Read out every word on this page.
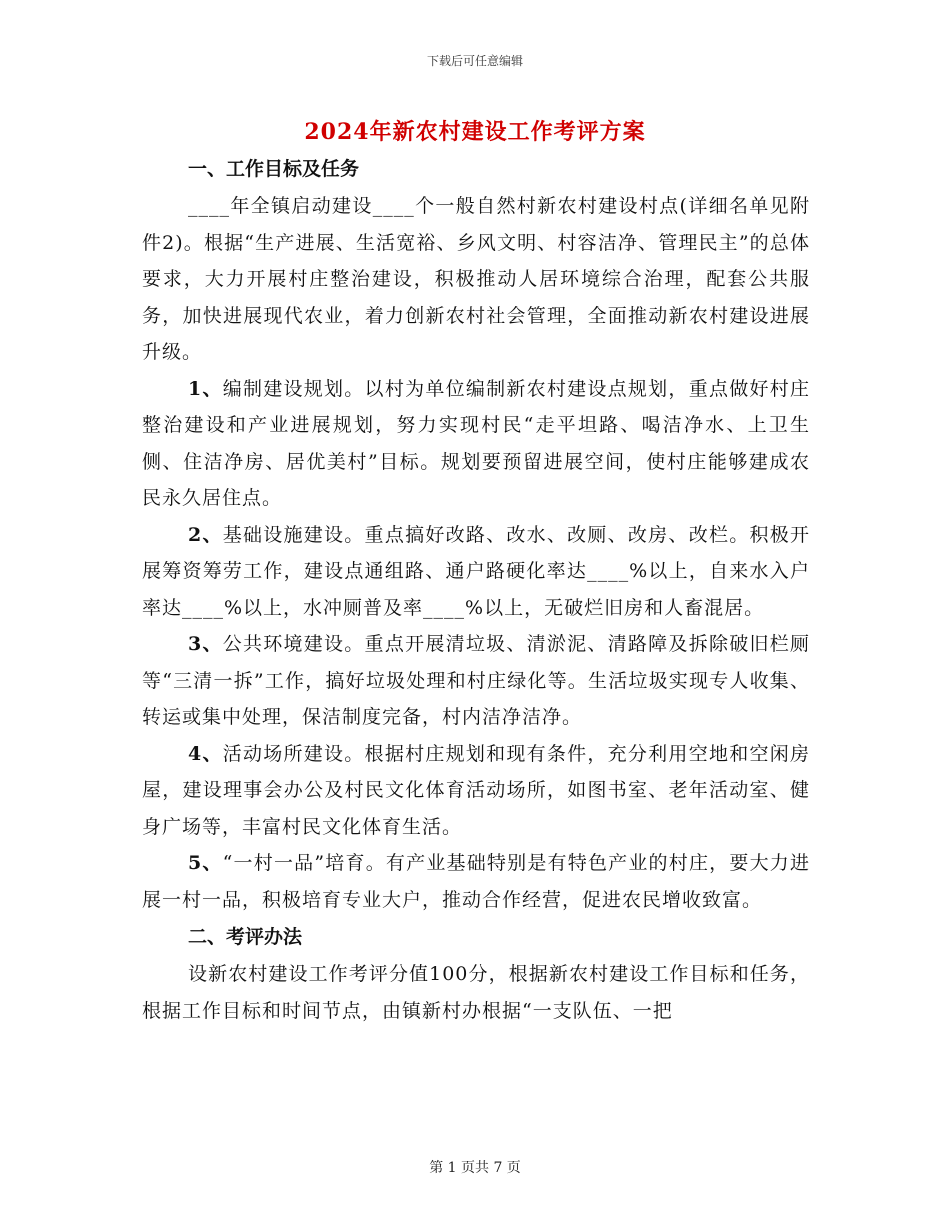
下载后可任意编辑
2024年新农村建设工作考评方案
一、工作目标及任务

____年全镇启动建设____个一般自然村新农村建设村点(详细名单见附件2)。根据“生产进展、生活宽裕、乡风文明、村容洁净、管理民主”的总体要求，大力开展村庄整治建设，积极推动人居环境综合治理，配套公共服务，加快进展现代农业，着力创新农村社会管理，全面推动新农村建设进展升级。

1、编制建设规划。以村为单位编制新农村建设点规划，重点做好村庄整治建设和产业进展规划，努力实现村民“走平坦路、喝洁净水、上卫生侧、住洁净房、居优美村”目标。规划要预留进展空间，使村庄能够建成农民永久居住点。

2、基础设施建设。重点搞好改路、改水、改厕、改房、改栏。积极开展筹资筹劳工作，建设点通组路、通户路硬化率达____%以上，自来水入户率达____%以上，水冲厕普及率____%以上，无破烂旧房和人畜混居。

3、公共环境建设。重点开展清垃圾、清淤泥、清路障及拆除破旧栏厕等“三清一拆”工作，搞好垃圾处理和村庄绿化等。生活垃圾实现专人收集、转运或集中处理，保洁制度完备，村内洁净洁净。

4、活动场所建设。根据村庄规划和现有条件，充分利用空地和空闲房屋，建设理事会办公及村民文化体育活动场所，如图书室、老年活动室、健身广场等，丰富村民文化体育生活。

5、“一村一品”培育。有产业基础特别是有特色产业的村庄，要大力进展一村一品，积极培育专业大户，推动合作经营，促进农民增收致富。

二、考评办法

设新农村建设工作考评分值100分，根据新农村建设工作目标和任务，根据工作目标和时间节点，由镇新村办根据“一支队伍、一把

第 1 页共 7 页
